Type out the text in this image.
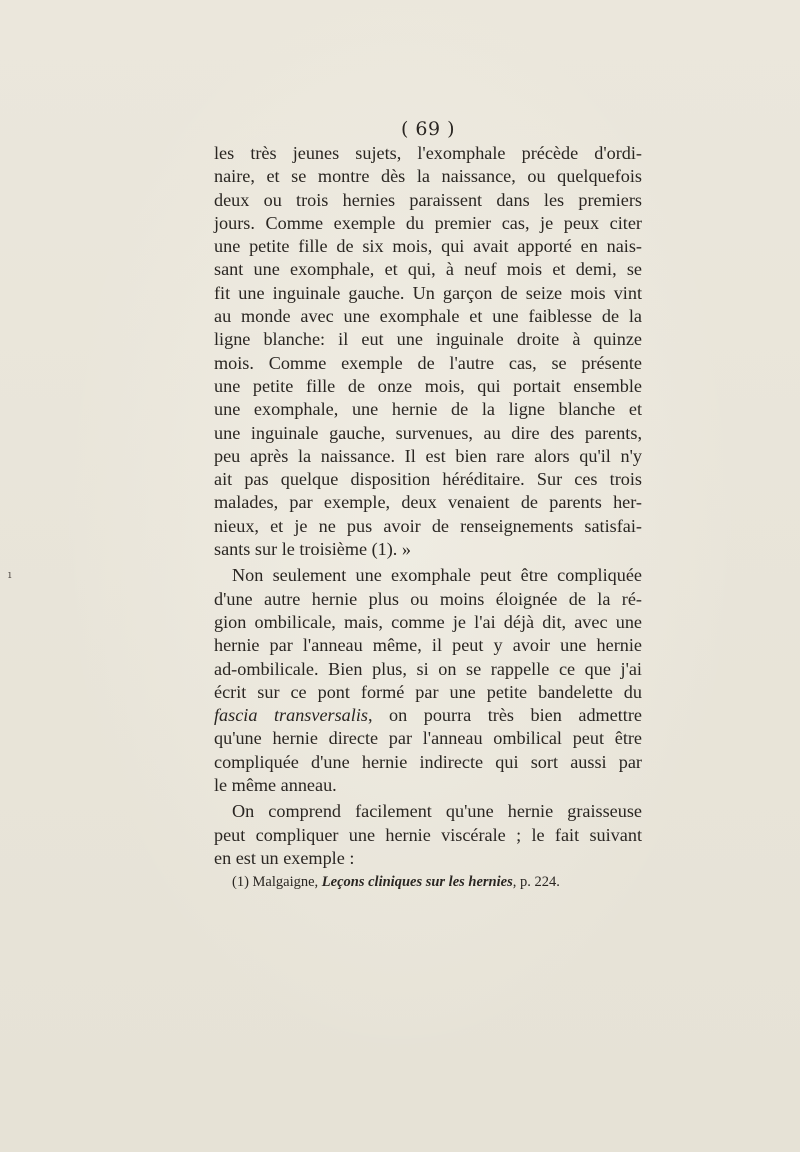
( 69 )
ı
les très jeunes sujets, l'exomphale précède d'ordi-
naire, et se montre dès la naissance, ou quelquefois
deux ou trois hernies paraissent dans les premiers
jours. Comme exemple du premier cas, je peux citer
une petite fille de six mois, qui avait apporté en nais-
sant une exomphale, et qui, à neuf mois et demi, se
fit une inguinale gauche. Un garçon de seize mois vint
au monde avec une exomphale et une faiblesse de la
ligne blanche: il eut une inguinale droite à quinze
mois. Comme exemple de l'autre cas, se présente
une petite fille de onze mois, qui portait ensemble
une exomphale, une hernie de la ligne blanche et
une inguinale gauche, survenues, au dire des parents,
peu après la naissance. Il est bien rare alors qu'il n'y
ait pas quelque disposition héréditaire. Sur ces trois
malades, par exemple, deux venaient de parents her-
nieux, et je ne pus avoir de renseignements satisfai-
sants sur le troisième (1). »
Non seulement une exomphale peut être compliquée
d'une autre hernie plus ou moins éloignée de la ré-
gion ombilicale, mais, comme je l'ai déjà dit, avec une
hernie par l'anneau même, il peut y avoir une hernie
ad-ombilicale. Bien plus, si on se rappelle ce que j'ai
écrit sur ce pont formé par une petite bandelette du
fascia transversalis, on pourra très bien admettre
qu'une hernie directe par l'anneau ombilical peut être
compliquée d'une hernie indirecte qui sort aussi par
le même anneau.
On comprend facilement qu'une hernie graisseuse
peut compliquer une hernie viscérale ; le fait suivant
en est un exemple :
(1) Malgaigne, Leçons cliniques sur les hernies, p. 224.
